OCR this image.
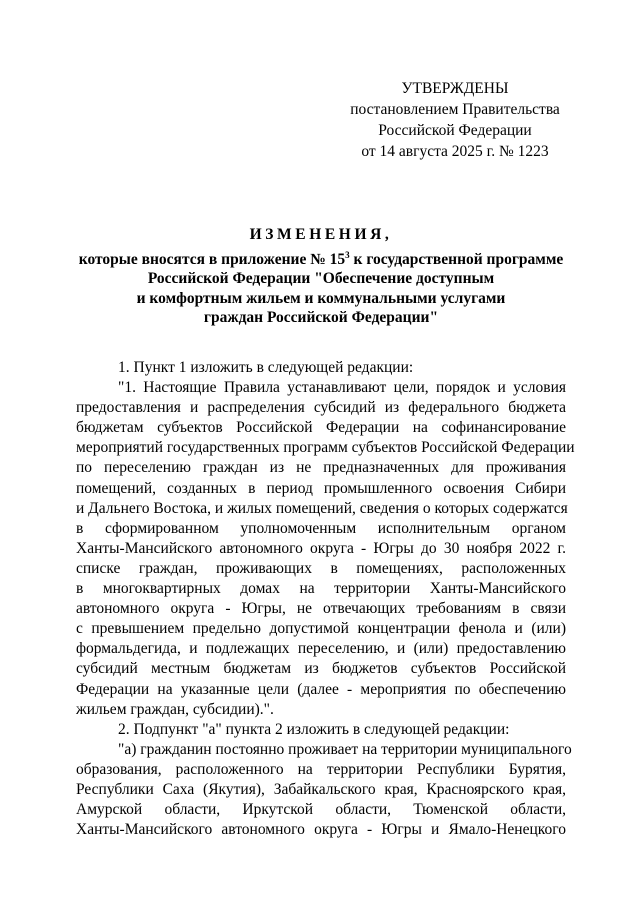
УТВЕРЖДЕНЫ
постановлением Правительства
Российской Федерации
от 14 августа 2025 г. № 1223
ИЗМЕНЕНИЯ,
которые вносятся в приложение № $15^3$ к государственной программе
Российской Федерации "Обеспечение доступным
и комфортным жильем и коммунальными услугами
граждан Российской Федерации"
1. Пункт 1 изложить в следующей редакции:
"1. Настоящие Правила устанавливают цели, порядок и условия
предоставления и распределения субсидий из федерального бюджета
бюджетам субъектов Российской Федерации на софинансирование
мероприятий государственных программ субъектов Российской Федерации
по переселению граждан из не предназначенных для проживания
помещений, созданных в период промышленного освоения Сибири
и Дальнего Востока, и жилых помещений, сведения о которых содержатся
в сформированном уполномоченным исполнительным органом
Ханты-Мансийского автономного округа - Югры до 30 ноября 2022 г.
списке граждан, проживающих в помещениях, расположенных
в многоквартирных домах на территории Ханты-Мансийского
автономного округа - Югры, не отвечающих требованиям в связи
с превышением предельно допустимой концентрации фенола и (или)
формальдегида, и подлежащих переселению, и (или) предоставлению
субсидий местным бюджетам из бюджетов субъектов Российской
Федерации на указанные цели (далее - мероприятия по обеспечению
жильем граждан, субсидии).".
2. Подпункт "а" пункта 2 изложить в следующей редакции:
"а) гражданин постоянно проживает на территории муниципального
образования, расположенного на территории Республики Бурятия,
Республики Саха (Якутия), Забайкальского края, Красноярского края,
Амурской области, Иркутской области, Тюменской области,
Ханты-Мансийского автономного округа - Югры и Ямало-Ненецкого
